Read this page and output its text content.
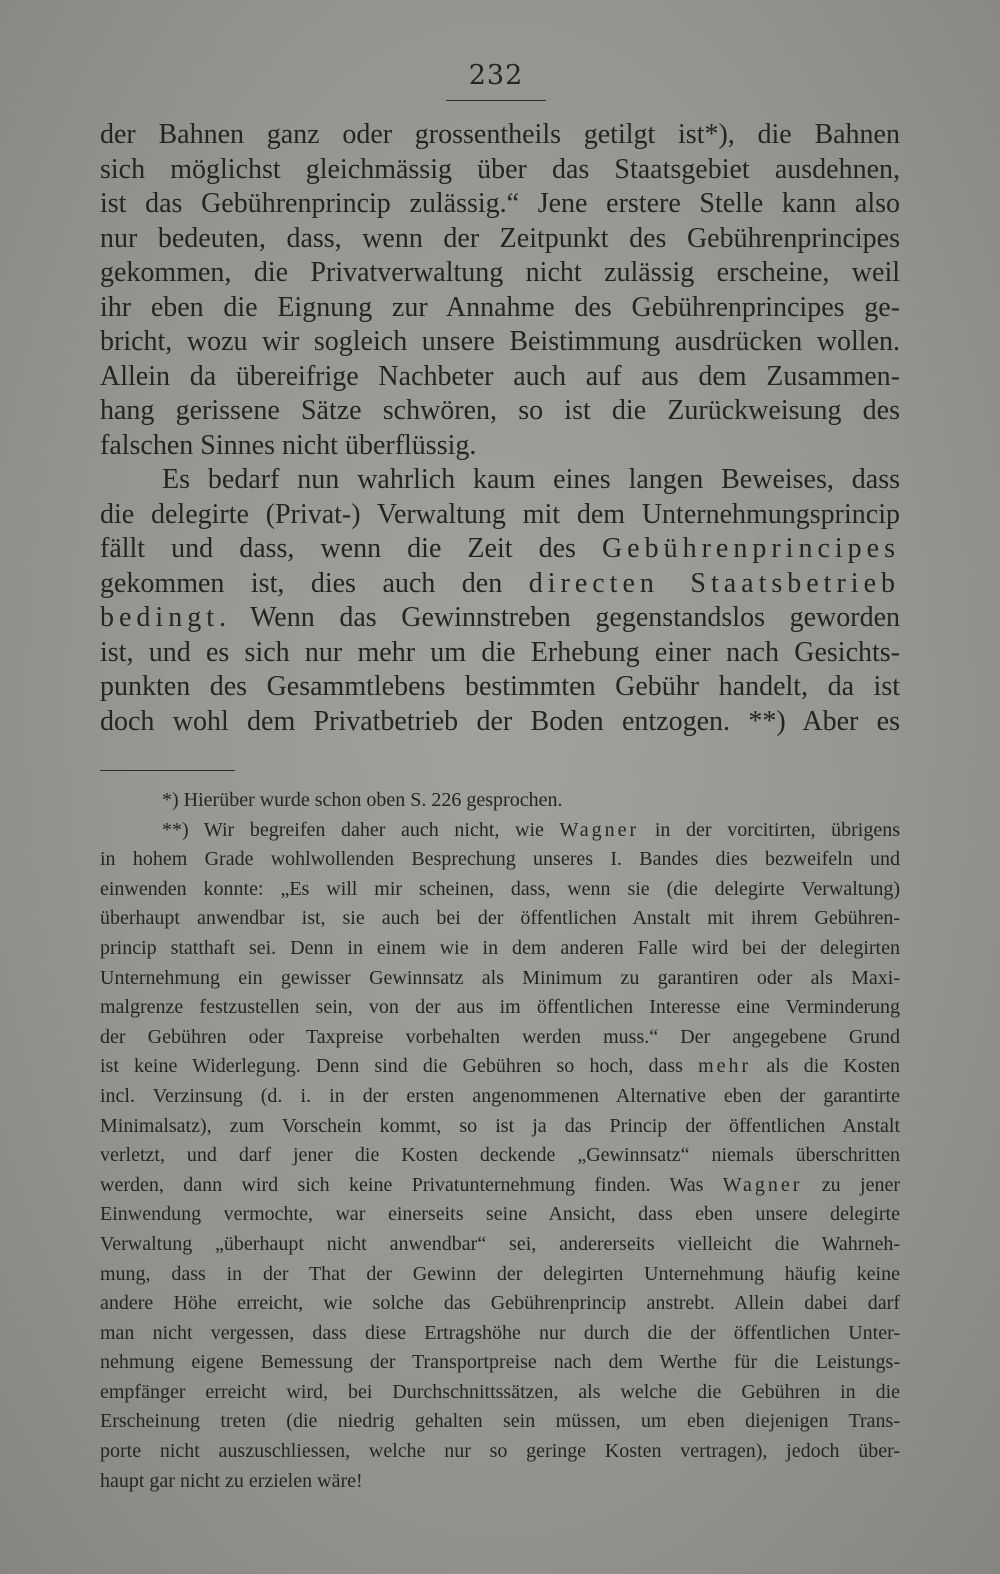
232
der Bahnen ganz oder grossentheils getilgt ist*), die Bahnen
sich möglichst gleichmässig über das Staatsgebiet ausdehnen,
ist das Gebührenprincip zulässig.“ Jene erstere Stelle kann also
nur bedeuten, dass, wenn der Zeitpunkt des Gebührenprincipes
gekommen, die Privatverwaltung nicht zulässig erscheine, weil
ihr eben die Eignung zur Annahme des Gebührenprincipes ge-
bricht, wozu wir sogleich unsere Beistimmung ausdrücken wollen.
Allein da übereifrige Nachbeter auch auf aus dem Zusammen-
hang gerissene Sätze schwören, so ist die Zurückweisung des
falschen Sinnes nicht überflüssig.
Es bedarf nun wahrlich kaum eines langen Beweises, dass
die delegirte (Privat-) Verwaltung mit dem Unternehmungsprincip
fällt und dass, wenn die Zeit des Gebührenprincipes
gekommen ist, dies auch den directen Staatsbetrieb
bedingt. Wenn das Gewinnstreben gegenstandslos geworden
ist, und es sich nur mehr um die Erhebung einer nach Gesichts-
punkten des Gesammtlebens bestimmten Gebühr handelt, da ist
doch wohl dem Privatbetrieb der Boden entzogen. **) Aber es
*) Hierüber wurde schon oben S. 226 gesprochen.
**) Wir begreifen daher auch nicht, wie Wagner in der vorcitirten, übrigens
in hohem Grade wohlwollenden Besprechung unseres I. Bandes dies bezweifeln und
einwenden konnte: „Es will mir scheinen, dass, wenn sie (die delegirte Verwaltung)
überhaupt anwendbar ist, sie auch bei der öffentlichen Anstalt mit ihrem Gebühren-
princip statthaft sei. Denn in einem wie in dem anderen Falle wird bei der delegirten
Unternehmung ein gewisser Gewinnsatz als Minimum zu garantiren oder als Maxi-
malgrenze festzustellen sein, von der aus im öffentlichen Interesse eine Verminderung
der Gebühren oder Taxpreise vorbehalten werden muss.“ Der angegebene Grund
ist keine Widerlegung. Denn sind die Gebühren so hoch, dass mehr als die Kosten
incl. Verzinsung (d. i. in der ersten angenommenen Alternative eben der garantirte
Minimalsatz), zum Vorschein kommt, so ist ja das Princip der öffentlichen Anstalt
verletzt, und darf jener die Kosten deckende „Gewinnsatz“ niemals überschritten
werden, dann wird sich keine Privatunternehmung finden. Was Wagner zu jener
Einwendung vermochte, war einerseits seine Ansicht, dass eben unsere delegirte
Verwaltung „überhaupt nicht anwendbar“ sei, andererseits vielleicht die Wahrneh-
mung, dass in der That der Gewinn der delegirten Unternehmung häufig keine
andere Höhe erreicht, wie solche das Gebührenprincip anstrebt. Allein dabei darf
man nicht vergessen, dass diese Ertragshöhe nur durch die der öffentlichen Unter-
nehmung eigene Bemessung der Transportpreise nach dem Werthe für die Leistungs-
empfänger erreicht wird, bei Durchschnittssätzen, als welche die Gebühren in die
Erscheinung treten (die niedrig gehalten sein müssen, um eben diejenigen Trans-
porte nicht auszuschliessen, welche nur so geringe Kosten vertragen), jedoch über-
haupt gar nicht zu erzielen wäre!
